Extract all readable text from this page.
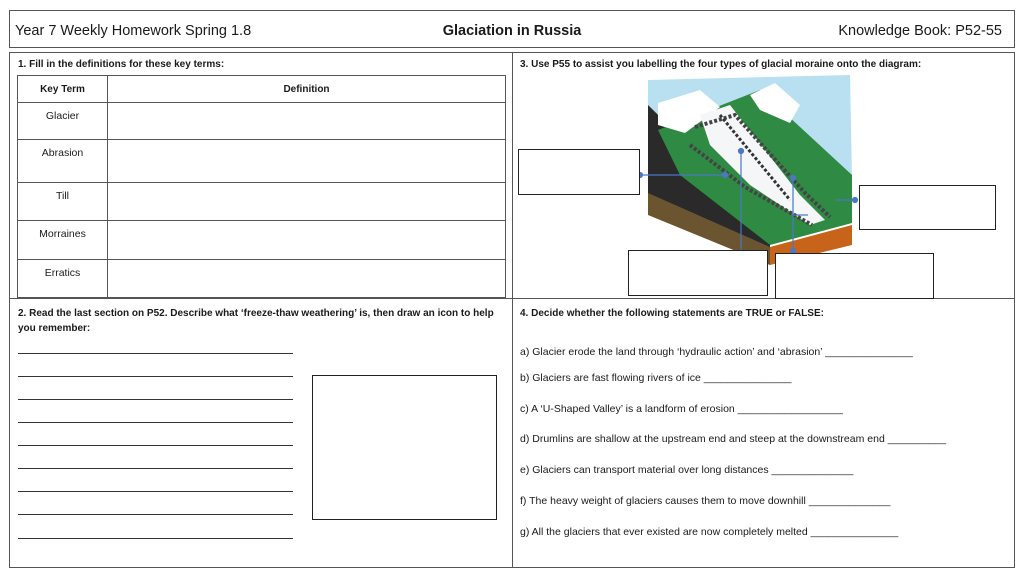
Year 7 Weekly Homework Spring 1.8	Glaciation in Russia	Knowledge Book: P52-55
1. Fill in the definitions for these key terms:
Key Term	Definition
Glacier	
Abrasion	
Till	
Morraines	
Erratics	
2. Read the last section on P52. Describe what ‘freeze-thaw weathering’ is, then draw an icon to help you remember:
3. Use P55 to assist you labelling the four types of glacial moraine onto the diagram:
4. Decide whether the following statements are TRUE or FALSE:
a) Glacier erode the land through ‘hydraulic action’ and ‘abrasion’ _______________
b) Glaciers are fast flowing rivers of ice _______________
c) A ‘U-Shaped Valley’ is a landform of erosion __________________
d) Drumlins are shallow at the upstream end and steep at the downstream end __________
e) Glaciers can transport material over long distances ______________
f) The heavy weight of glaciers causes them to move downhill ______________
g) All the glaciers that ever existed are now completely melted _______________
